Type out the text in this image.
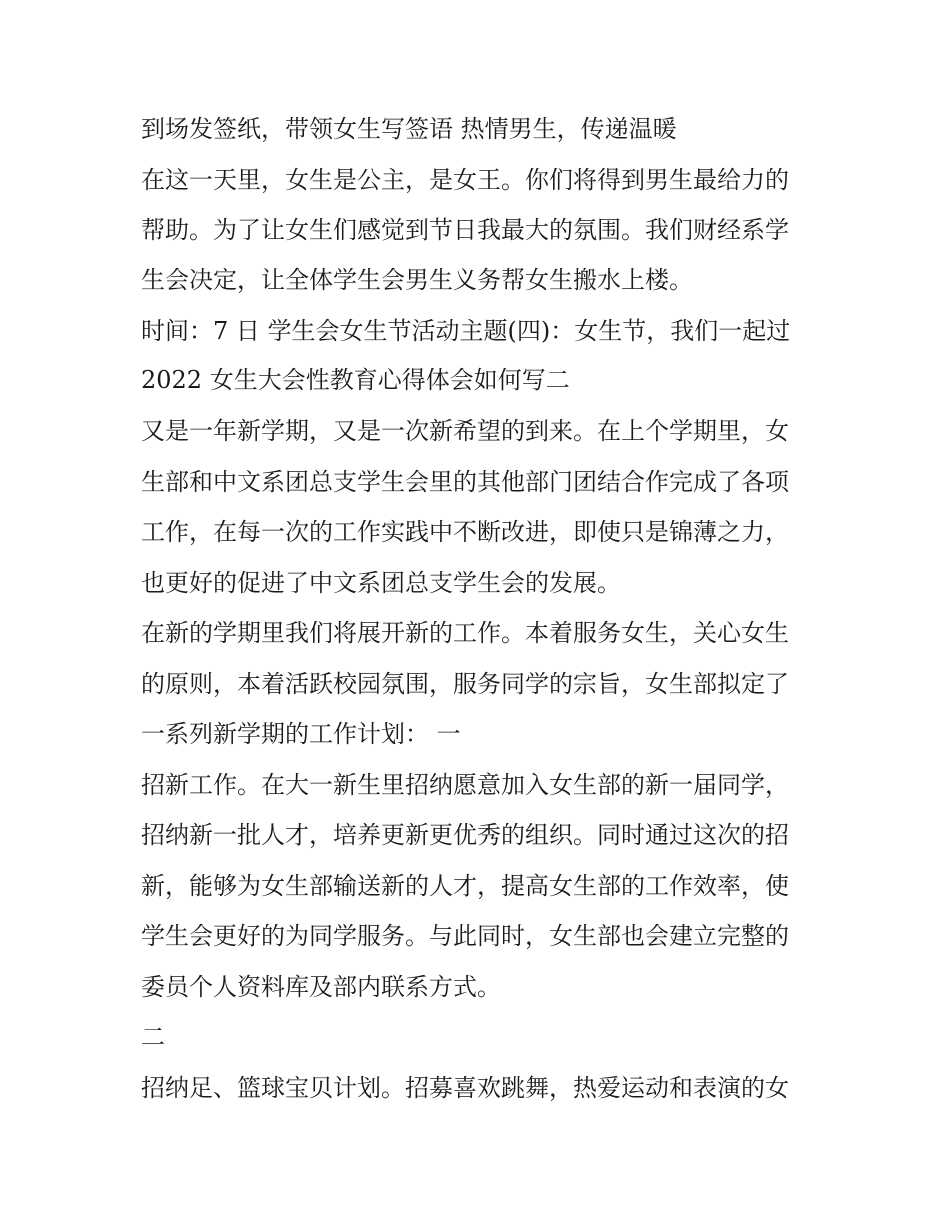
到场发签纸，带领女生写签语 热情男生，传递温暖
在这一天里，女生是公主，是女王。你们将得到男生最给力的
帮助。为了让女生们感觉到节日我最大的氛围。我们财经系学
生会决定，让全体学生会男生义务帮女生搬水上楼。
时间：7 日 学生会女生节活动主题(四)：女生节，我们一起过
2022 女生大会性教育心得体会如何写二
又是一年新学期，又是一次新希望的到来。在上个学期里，女
生部和中文系团总支学生会里的其他部门团结合作完成了各项
工作，在每一次的工作实践中不断改进，即使只是锦薄之力，
也更好的促进了中文系团总支学生会的发展。
在新的学期里我们将展开新的工作。本着服务女生，关心女生
的原则，本着活跃校园氛围，服务同学的宗旨，女生部拟定了
一系列新学期的工作计划： 一
招新工作。在大一新生里招纳愿意加入女生部的新一届同学，
招纳新一批人才，培养更新更优秀的组织。同时通过这次的招
新，能够为女生部输送新的人才，提高女生部的工作效率，使
学生会更好的为同学服务。与此同时，女生部也会建立完整的
委员个人资料库及部内联系方式。
二
招纳足、篮球宝贝计划。招募喜欢跳舞，热爱运动和表演的女
